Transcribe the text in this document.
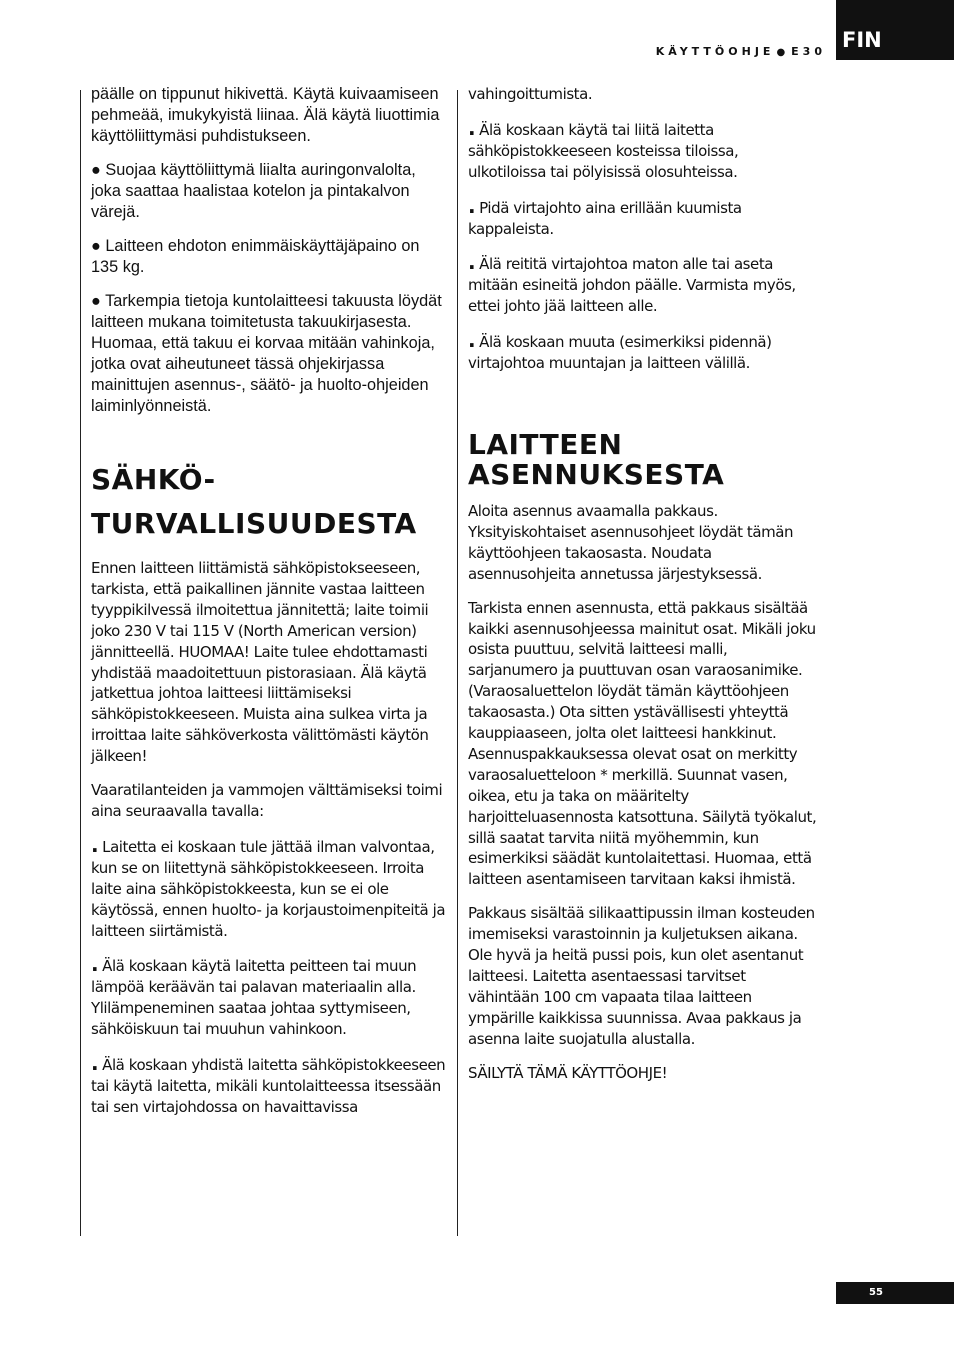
KÄYTTÖOHJE ● E30 FIN

päälle on tippunut hikivettä. Käytä kuivaamiseen pehmeää, imukykyistä liinaa. Älä käytä liuottimia käyttöliittymäsi puhdistukseen.

● Suojaa käyttöliittymä liialta auringonvalolta, joka saattaa haalistaa kotelon ja pintakalvon värejä.

● Laitteen ehdoton enimmäiskäyttäjäpaino on 135 kg.

● Tarkempia tietoja kuntolaitteesi takuusta löydät laitteen mukana toimitetusta takuukirjasesta. Huomaa, että takuu ei korvaa mitään vahinkoja, jotka ovat aiheutuneet tässä ohjekirjassa mainittujen asennus-, säätö- ja huolto-ohjeiden laiminlyönneistä.

SÄHKÖ-
TURVALLISUUDESTA

Ennen laitteen liittämistä sähköpistokseeseen, tarkista, että paikallinen jännite vastaa laitteen tyyppikilvessä ilmoitettua jännitettä; laite toimii joko 230 V tai 115 V (North American version) jännitteellä. HUOMAA! Laite tulee ehdottamasti yhdistää maadoitettuun pistorasiaan. Älä käytä jatkettua johtoa laitteesi liittämiseksi sähköpistokkeeseen. Muista aina sulkea virta ja irroittaa laite sähköverkosta välittömästi käytön jälkeen!

Vaaratilanteiden ja vammojen välttämiseksi toimi aina seuraavalla tavalla:

. Laitetta ei koskaan tule jättää ilman valvontaa, kun se on liitettynä sähköpistokkeeseen. Irroita laite aina sähköpistokkeesta, kun se ei ole käytössä, ennen huolto- ja korjaustoimenpiteitä ja laitteen siirtämistä.

. Älä koskaan käytä laitetta peitteen tai muun lämpöä keräävän tai palavan materiaalin alla. Ylilämpeneminen saataa johtaa syttymiseen, sähköiskuun tai muuhun vahinkoon.

. Älä koskaan yhdistä laitetta sähköpistokkeeseen tai käytä laitetta, mikäli kuntolaitteessa itsessään tai sen virtajohdossa on havaittavissa

vahingoittumista.

. Älä koskaan käytä tai liitä laitetta sähköpistokkeeseen kosteissa tiloissa, ulkotiloissa tai pölyisissä olosuhteissa.

. Pidä virtajohto aina erillään kuumista kappaleista.

. Älä reititä virtajohtoa maton alle tai aseta mitään esineitä johdon päälle. Varmista myös, ettei johto jää laitteen alle.

. Älä koskaan muuta (esimerkiksi pidennä) virtajohtoa muuntajan ja laitteen välillä.

LAITTEEN
ASENNUKSESTA

Aloita asennus avaamalla pakkaus. Yksityiskohtaiset asennusohjeet löydät tämän käyttöohjeen takaosasta. Noudata asennusohjeita annetussa järjestyksessä.

Tarkista ennen asennusta, että pakkaus sisältää kaikki asennusohjeessa mainitut osat. Mikäli joku osista puuttuu, selvitä laitteesi malli, sarjanumero ja puuttuvan osan varaosanimike. (Varaosaluettelon löydät tämän käyttöohjeen takaosasta.) Ota sitten ystävällisesti yhteyttä kauppiaaseen, jolta olet laitteesi hankkinut. Asennuspakkauksessa olevat osat on merkitty varaosaluetteloon * merkillä. Suunnat vasen, oikea, etu ja taka on määritelty harjoitteluasennosta katsottuna. Säilytä työkalut, sillä saatat tarvita niitä myöhemmin, kun esimerkiksi säädät kuntolaitettasi. Huomaa, että laitteen asentamiseen tarvitaan kaksi ihmistä.

Pakkaus sisältää silikaattipussin ilman kosteuden imemiseksi varastoinnin ja kuljetuksen aikana. Ole hyvä ja heitä pussi pois, kun olet asentanut laitteesi. Laitetta asentaessasi tarvitset vähintään 100 cm vapaata tilaa laitteen ympärille kaikkissa suunnissa. Avaa pakkaus ja asenna laite suojatulla alustalla.

SÄILYTÄ TÄMÄ KÄYTTÖOHJE!

55
